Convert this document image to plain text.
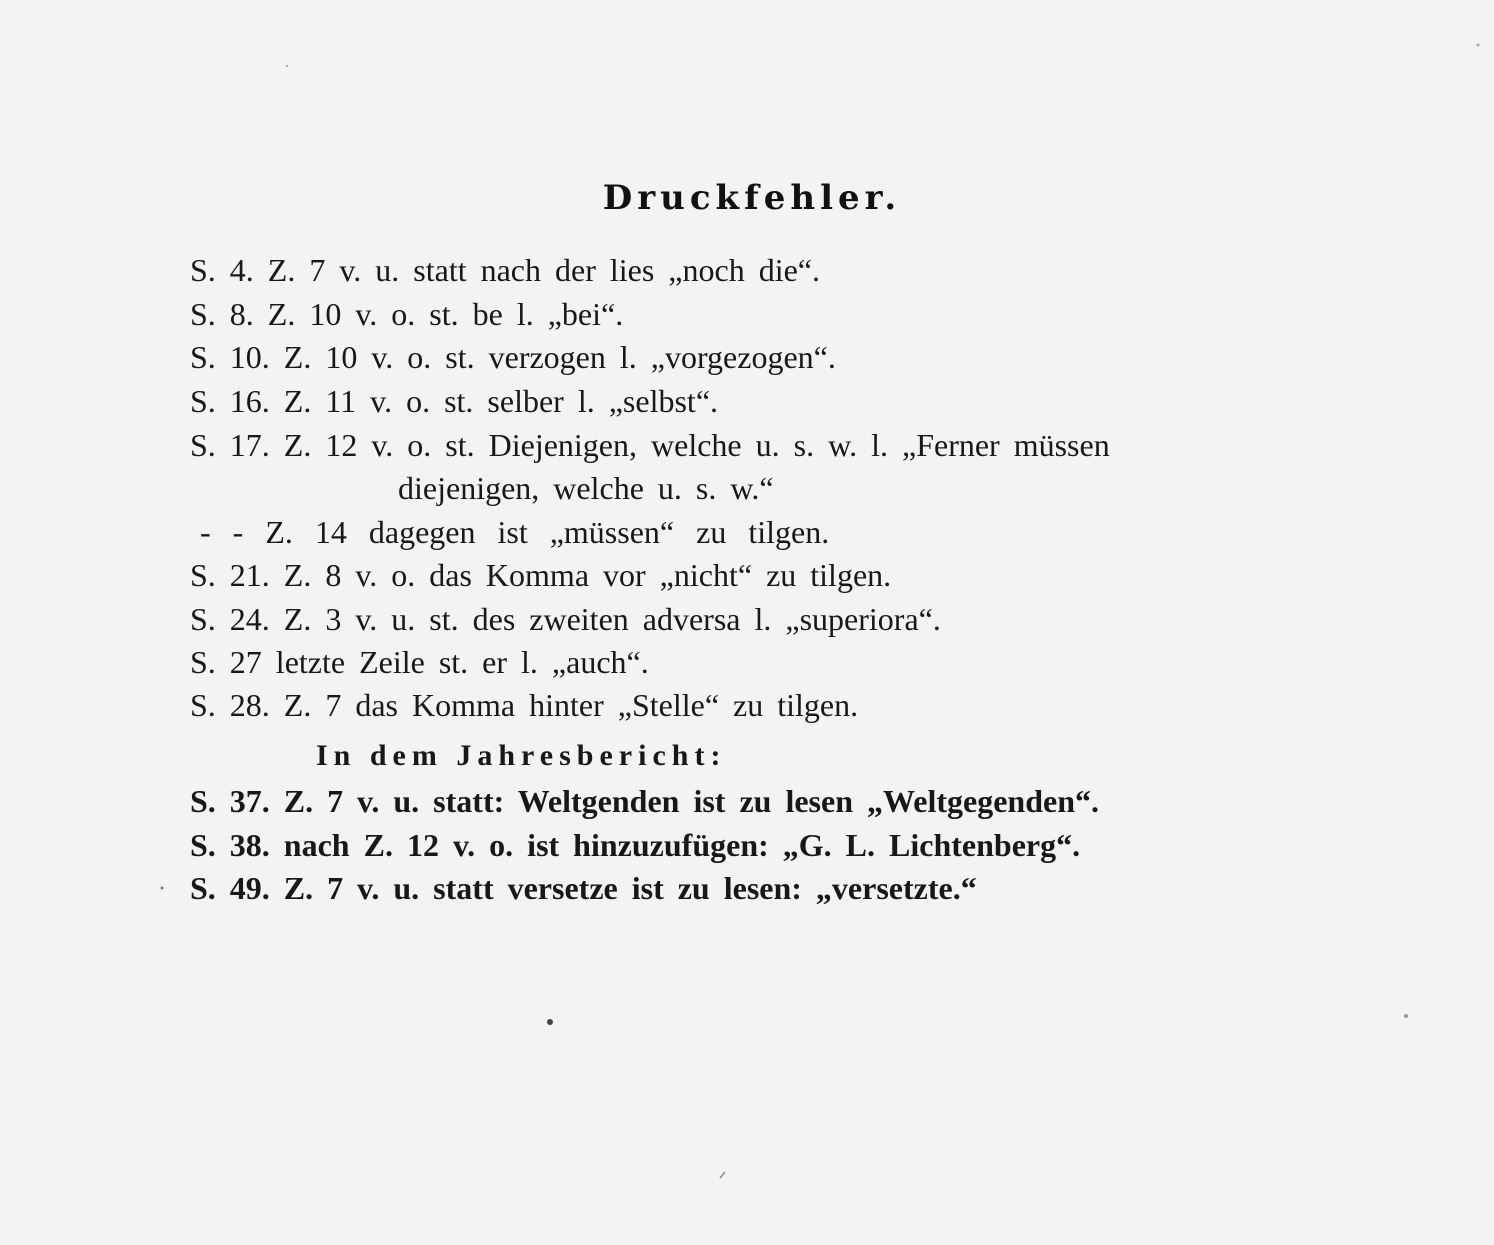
Druckfehler.
S. 4. Z. 7 v. u. statt nach der lies „noch die“.
S. 8. Z. 10 v. o. st. be l. „bei“.
S. 10. Z. 10 v. o. st. verzogen l. „vorgezogen“.
S. 16. Z. 11 v. o. st. selber l. „selbst“.
S. 17. Z. 12 v. o. st. Diejenigen, welche u. s. w. l. „Ferner müssen
diejenigen, welche u. s. w.“
- - Z. 14 dagegen ist „müssen“ zu tilgen.
S. 21. Z. 8 v. o. das Komma vor „nicht“ zu tilgen.
S. 24. Z. 3 v. u. st. des zweiten adversa l. „superiora“.
S. 27 letzte Zeile st. er l. „auch“.
S. 28. Z. 7 das Komma hinter „Stelle“ zu tilgen.
In dem Jahresbericht:
S. 37. Z. 7 v. u. statt: Weltgenden ist zu lesen „Weltgegenden“.
S. 38. nach Z. 12 v. o. ist hinzuzufügen: „G. L. Lichtenberg“.
S. 49. Z. 7 v. u. statt versetze ist zu lesen: „versetzte.“
